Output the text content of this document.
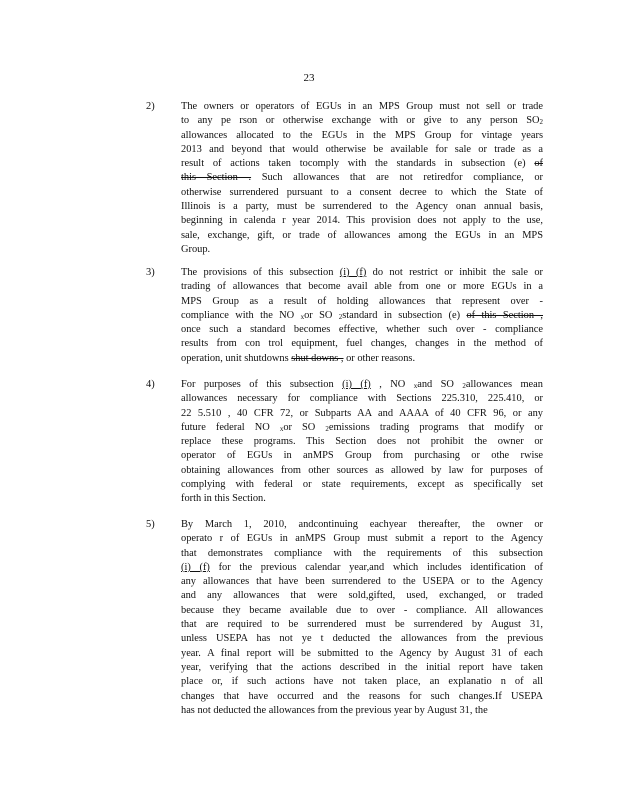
23
2)	The owners or operators of EGUs in an MPS Group must not sell or trade
to any pe rson or otherwise exchange with or give to any person $SO_2$
allowances allocated to the EGUs in the MPS Group for vintage years
2013 and beyond that would otherwise be available for sale or trade as a
result of actions taken tocomply with the standards in subsection (e) of
this Section . Such allowances that are not retiredfor compliance, or
otherwise surrendered pursuant to a consent decree to which the State of
Illinois is a party, must be surrendered to the Agency onan annual basis,
beginning in calenda r year 2014. This provision does not apply to the use,
sale, exchange, gift, or trade of allowances among the EGUs in an MPS
Group.
3)	The provisions of this subsection (i) (f) do not restrict or inhibit the sale or
trading of allowances that become avail able from one or more EGUs in a
MPS Group as a result of holding allowances that represent over -
compliance with the NO $_x$or SO $_2$standard in subsection (e) of this Section ,
once such a standard becomes effective, whether such over - compliance
results from con trol equipment, fuel changes, changes in the method of
operation, unit shutdowns shut downs , or other reasons.
4)	For purposes of this subsection (i) (f) , NO $_x$and SO $_2$allowances mean
allowances necessary for compliance with Sections 225.310, 225.410, or
22 5.510 , 40 CFR 72, or Subparts AA and AAAA of 40 CFR 96, or any
future federal NO $_x$or SO $_2$emissions trading programs that modify or
replace these programs. This Section does not prohibit the owner or
operator of EGUs in anMPS Group from purchasing or othe rwise
obtaining allowances from other sources as allowed by law for purposes of
complying with federal or state requirements, except as specifically set
forth in this Section.
5)	By March 1, 2010, andcontinuing eachyear thereafter, the owner or
operato r of EGUs in anMPS Group must submit a report to the Agency
that demonstrates compliance with the requirements of this subsection
(i) (f) for the previous calendar year,and which includes identification of
any allowances that have been surrendered to the USEPA or to the Agency
and any allowances that were sold,gifted, used, exchanged, or traded
because they became available due to over - compliance. All allowances
that are required to be surrendered must be surrendered by August 31,
unless USEPA has not ye t deducted the allowances from the previous
year. A final report will be submitted to the Agency by August 31 of each
year, verifying that the actions described in the initial report have taken
place or, if such actions have not taken place, an explanatio n of all
changes that have occurred and the reasons for such changes.If USEPA
has not deducted the allowances from the previous year by August 31, the
